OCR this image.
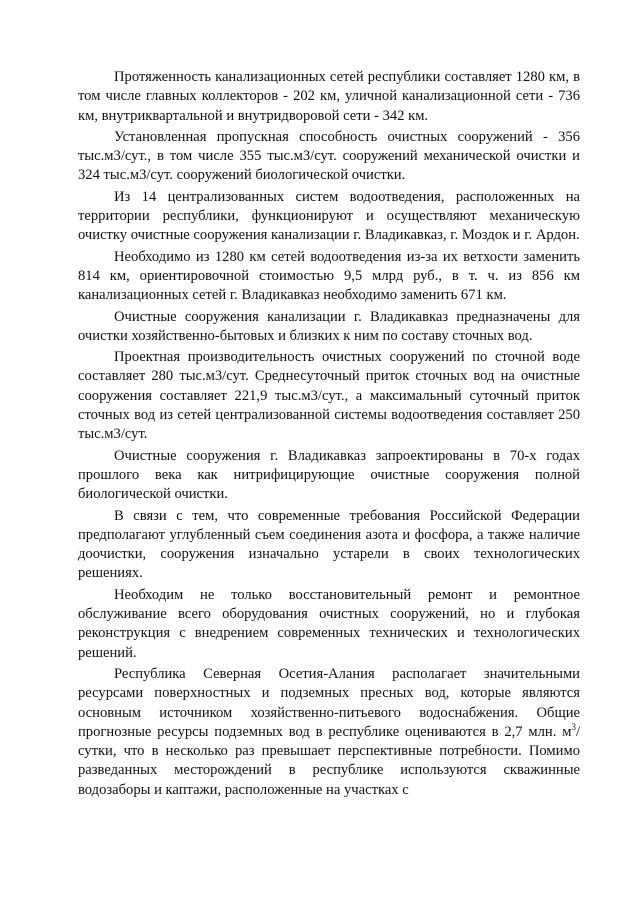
Протяженность канализационных сетей республики составляет 1280 км, в том числе главных коллекторов - 202 км, уличной канализационной сети - 736 км, внутриквартальной и внутридворовой сети - 342 км.

Установленная пропускная способность очистных сооружений - 356 тыс.м3/сут., в том числе 355 тыс.м3/сут. сооружений механической очистки и 324 тыс.м3/сут. сооружений биологической очистки.

Из 14 централизованных систем водоотведения, расположенных на территории республики, функционируют и осуществляют механическую очистку очистные сооружения канализации г. Владикавказ, г. Моздок и г. Ардон.

Необходимо из 1280 км сетей водоотведения из-за их ветхости заменить 814 км, ориентировочной стоимостью 9,5 млрд руб., в т. ч. из 856 км канализационных сетей г. Владикавказ необходимо заменить 671 км.

Очистные сооружения канализации г. Владикавказ предназначены для очистки хозяйственно-бытовых и близких к ним по составу сточных вод.

Проектная производительность очистных сооружений по сточной воде составляет 280 тыс.м3/сут. Среднесуточный приток сточных вод на очистные сооружения составляет 221,9 тыс.м3/сут., а максимальный суточный приток сточных вод из сетей централизованной системы водоотведения составляет 250 тыс.м3/сут.

Очистные сооружения г. Владикавказ запроектированы в 70-х годах прошлого века как нитрифицирующие очистные сооружения полной биологической очистки.

В связи с тем, что современные требования Российской Федерации предполагают углубленный съем соединения азота и фосфора, а также наличие доочистки, сооружения изначально устарели в своих технологических решениях.

Необходим не только восстановительный ремонт и ремонтное обслуживание всего оборудования очистных сооружений, но и глубокая реконструкция с внедрением современных технических и технологических решений.

Республика Северная Осетия-Алания располагает значительными ресурсами поверхностных и подземных пресных вод, которые являются основным источником хозяйственно-питьевого водоснабжения. Общие прогнозные ресурсы подземных вод в республике оцениваются в 2,7 млн. $м^3$/сутки, что в несколько раз превышает перспективные потребности. Помимо разведанных месторождений в республике используются скважинные водозаборы и каптажи, расположенные на участках с
